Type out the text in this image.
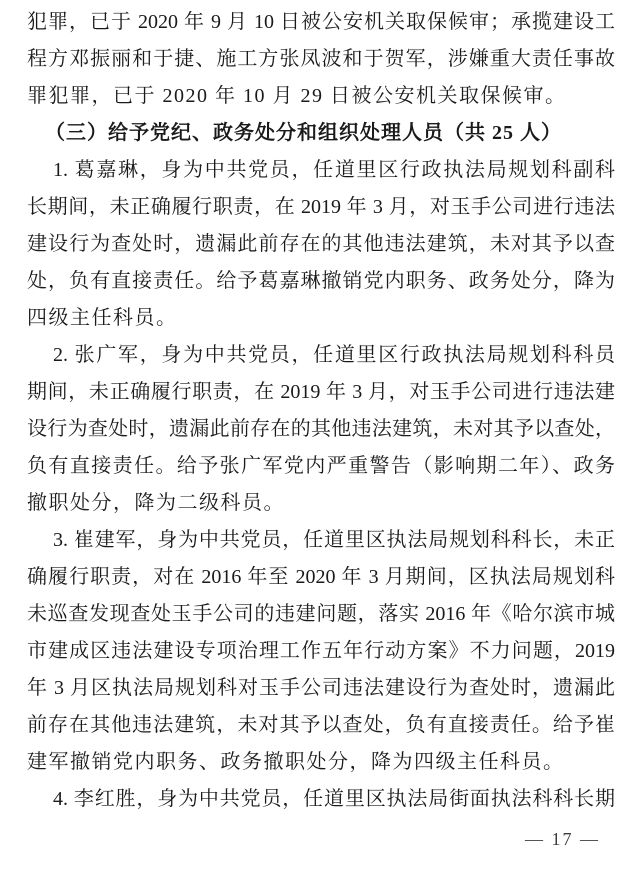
犯罪，已于 2020 年 9 月 10 日被公安机关取保候审；承揽建设工
程方邓振丽和于捷、施工方张凤波和于贺军，涉嫌重大责任事故
罪犯罪，已于 2020 年 10 月 29 日被公安机关取保候审。
（三）给予党纪、政务处分和组织处理人员（共 25 人）
1. 葛嘉琳，身为中共党员，任道里区行政执法局规划科副科
长期间，未正确履行职责，在 2019 年 3 月，对玉手公司进行违法
建设行为查处时，遗漏此前存在的其他违法建筑，未对其予以查
处，负有直接责任。给予葛嘉琳撤销党内职务、政务处分，降为
四级主任科员。
2. 张广军，身为中共党员，任道里区行政执法局规划科科员
期间，未正确履行职责，在 2019 年 3 月，对玉手公司进行违法建
设行为查处时，遗漏此前存在的其他违法建筑，未对其予以查处，
负有直接责任。给予张广军党内严重警告（影响期二年）、政务
撤职处分，降为二级科员。
3. 崔建军，身为中共党员，任道里区执法局规划科科长，未正
确履行职责，对在 2016 年至 2020 年 3 月期间，区执法局规划科
未巡查发现查处玉手公司的违建问题，落实 2016 年《哈尔滨市城
市建成区违法建设专项治理工作五年行动方案》不力问题，2019
年 3 月区执法局规划科对玉手公司违法建设行为查处时，遗漏此
前存在其他违法建筑，未对其予以查处，负有直接责任。给予崔
建军撤销党内职务、政务撤职处分，降为四级主任科员。
4. 李红胜，身为中共党员，任道里区执法局街面执法科科长期
— 17 —
